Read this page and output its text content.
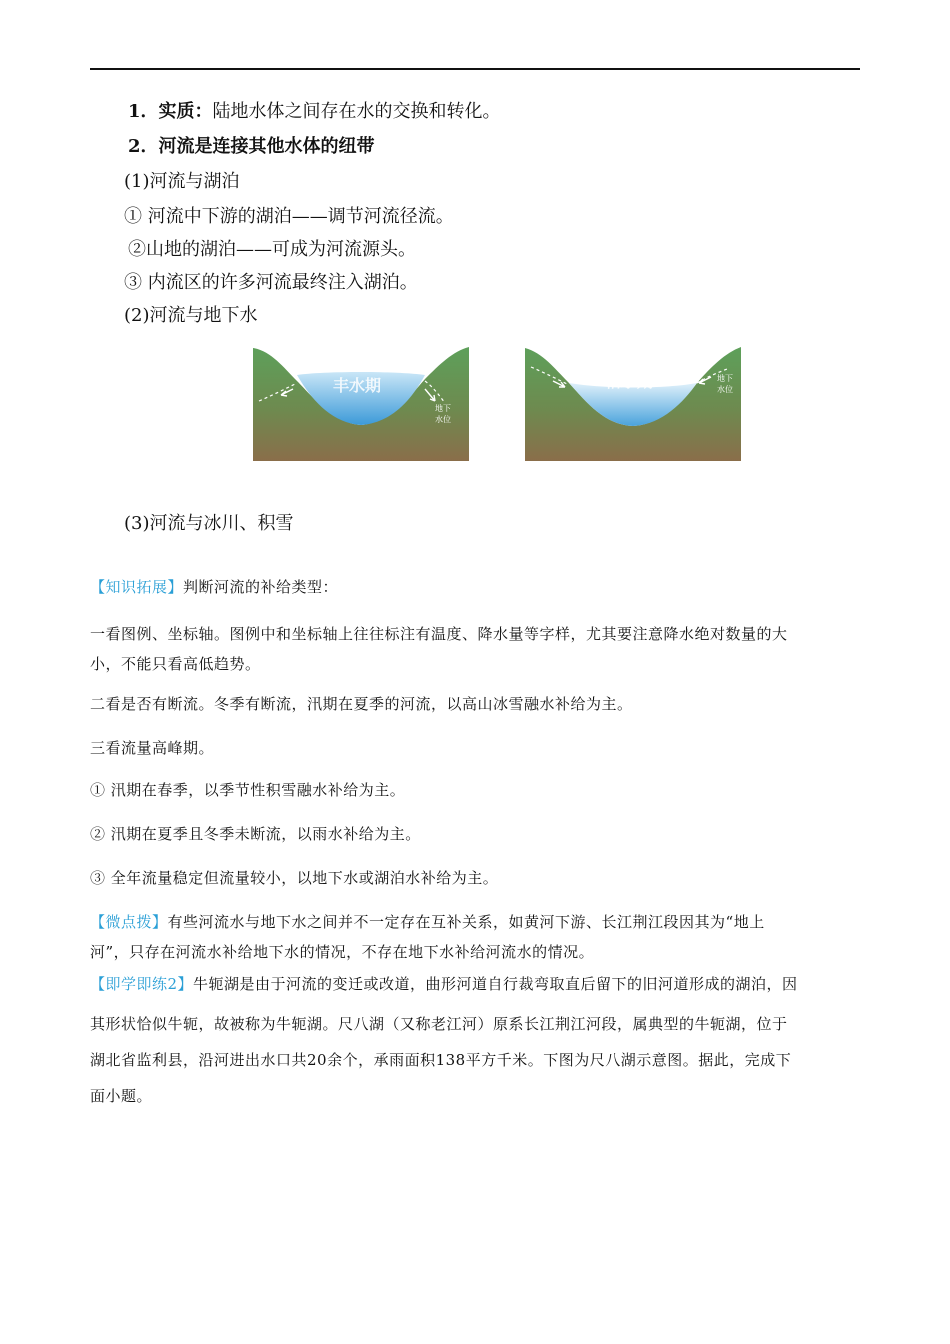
1．实质：陆地水体之间存在水的交换和转化。
2．河流是连接其他水体的纽带
(1)河流与湖泊
① 河流中下游的湖泊——调节河流径流。
②山地的湖泊——可成为河流源头。
③ 内流区的许多河流最终注入湖泊。
(2)河流与地下水
丰水期
地下
水位
枯水期	地下
水位
(3)河流与冰川、积雪
【知识拓展】判断河流的补给类型：
一看图例、坐标轴。图例中和坐标轴上往往标注有温度、降水量等字样，尤其要注意降水绝对数量的大
小，不能只看高低趋势。
二看是否有断流。冬季有断流，汛期在夏季的河流，以高山冰雪融水补给为主。
三看流量高峰期。
① 汛期在春季，以季节性积雪融水补给为主。
② 汛期在夏季且冬季未断流，以雨水补给为主。
③ 全年流量稳定但流量较小，以地下水或湖泊水补给为主。
【微点拨】有些河流水与地下水之间并不一定存在互补关系，如黄河下游、长江荆江段因其为“地上
河”，只存在河流水补给地下水的情况，不存在地下水补给河流水的情况。
【即学即练2】牛轭湖是由于河流的变迁或改道，曲形河道自行裁弯取直后留下的旧河道形成的湖泊，因
其形状恰似牛轭，故被称为牛轭湖。尺八湖（又称老江河）原系长江荆江河段，属典型的牛轭湖，位于
湖北省监利县，沿河进出水口共20余个，承雨面积138平方千米。下图为尺八湖示意图。据此，完成下
面小题。
